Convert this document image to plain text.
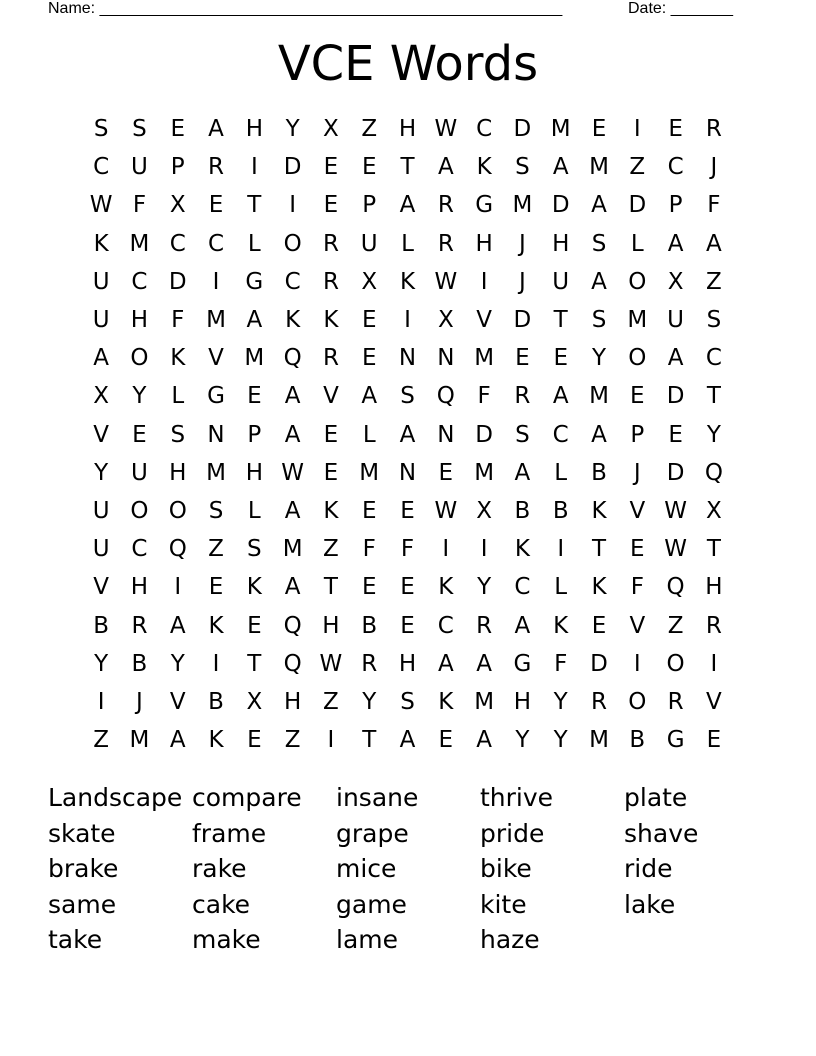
Name: ____________________________________________________	Date: _______
VCE Words
S	S	E	A H Y	X Z H W C D M E	I	E	R
C U P	R	I	D E	E	T	A K	S	A M Z C	J
W F	X	E	T	I	E	P	A R G M D A D P	F
K M C C	L O R U	L	R H	J	H S	L	A A
U C D	I	G C R X K W	I	J	U A O X Z
U H	F M A K	K	E	I	X V D T	S M U S
A O K V M Q R	E N N M E	E	Y O A C
X	Y	L G E	A V A	S Q F	R A M E D T
V	E	S N P	A	E	L	A N D S C A	P	E	Y
Y U H M H W E M N E M A	L	B	J	D Q
U O O S	L	A K	E	E W X B B K V W X
U C Q Z	S M Z	F	F	I	I	K	I	T	E W T
V H	I	E	K A	T	E	E	K	Y	C	L	K	F Q H
B R A K	E Q H B	E C R A K	E	V Z R
Y	B	Y	I	T Q W R H A A G F D	I	O	I
I	J	V B X H Z	Y	S	K M H Y	R O R V
Z M A K	E	Z	I	T	A	E	A	Y	Y M B G E
Landscape compare insane thrive	plate
skate	frame	grape	pride	shave
brake	rake	mice	bike	ride
same	cake	game	kite	lake
take	make	lame	haze
